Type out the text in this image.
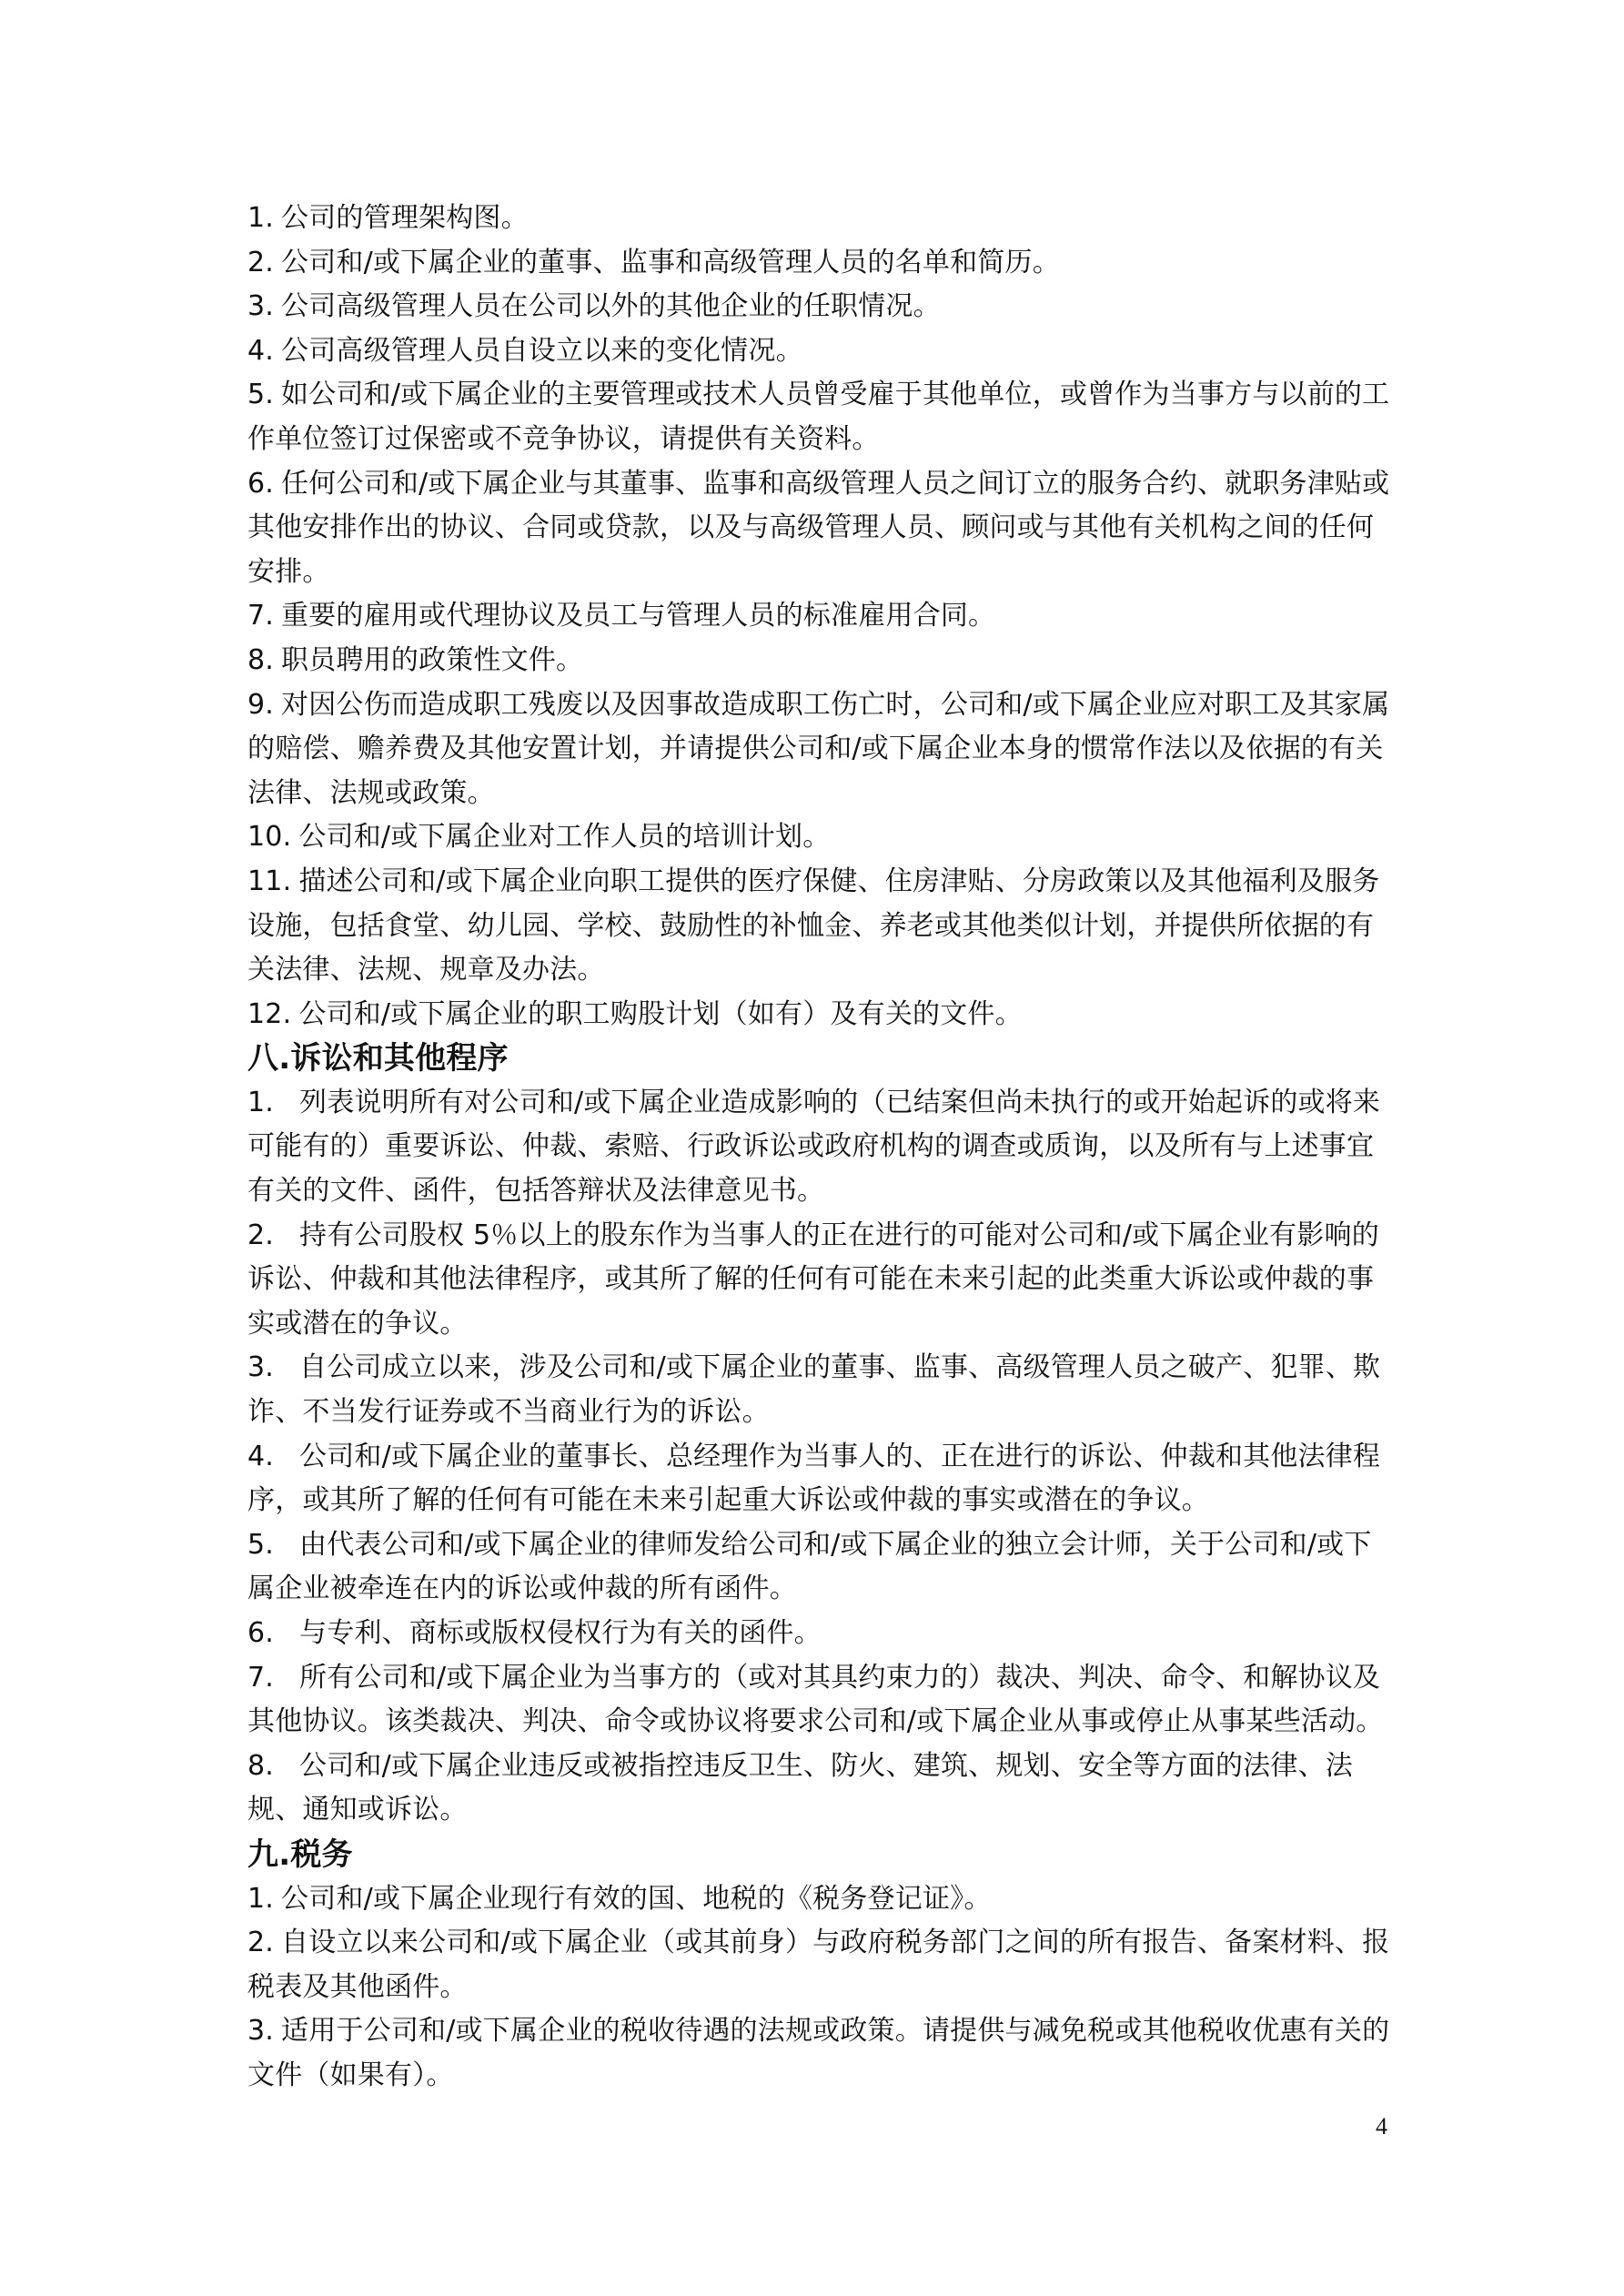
1. 公司的管理架构图。

2. 公司和/或下属企业的董事、监事和高级管理人员的名单和简历。

3. 公司高级管理人员在公司以外的其他企业的任职情况。

4. 公司高级管理人员自设立以来的变化情况。

5. 如公司和/或下属企业的主要管理或技术人员曾受雇于其他单位，或曾作为当事方与以前的工作单位签订过保密或不竞争协议，请提供有关资料。

6. 任何公司和/或下属企业与其董事、监事和高级管理人员之间订立的服务合约、就职务津贴或其他安排作出的协议、合同或贷款，以及与高级管理人员、顾问或与其他有关机构之间的任何安排。

7. 重要的雇用或代理协议及员工与管理人员的标准雇用合同。

8. 职员聘用的政策性文件。

9. 对因公伤而造成职工残废以及因事故造成职工伤亡时，公司和/或下属企业应对职工及其家属的赔偿、赡养费及其他安置计划，并请提供公司和/或下属企业本身的惯常作法以及依据的有关法律、法规或政策。

10. 公司和/或下属企业对工作人员的培训计划。

11. 描述公司和/或下属企业向职工提供的医疗保健、住房津贴、分房政策以及其他福利及服务设施，包括食堂、幼儿园、学校、鼓励性的补恤金、养老或其他类似计划，并提供所依据的有关法律、法规、规章及办法。

12. 公司和/或下属企业的职工购股计划（如有）及有关的文件。

八.诉讼和其他程序

1. 列表说明所有对公司和/或下属企业造成影响的（已结案但尚未执行的或开始起诉的或将来可能有的）重要诉讼、仲裁、索赔、行政诉讼或政府机构的调查或质询，以及所有与上述事宜有关的文件、函件，包括答辩状及法律意见书。

2. 持有公司股权 5％以上的股东作为当事人的正在进行的可能对公司和/或下属企业有影响的诉讼、仲裁和其他法律程序，或其所了解的任何有可能在未来引起的此类重大诉讼或仲裁的事实或潜在的争议。

3. 自公司成立以来，涉及公司和/或下属企业的董事、监事、高级管理人员之破产、犯罪、欺诈、不当发行证券或不当商业行为的诉讼。

4. 公司和/或下属企业的董事长、总经理作为当事人的、正在进行的诉讼、仲裁和其他法律程序，或其所了解的任何有可能在未来引起重大诉讼或仲裁的事实或潜在的争议。

5. 由代表公司和/或下属企业的律师发给公司和/或下属企业的独立会计师，关于公司和/或下属企业被牵连在内的诉讼或仲裁的所有函件。

6. 与专利、商标或版权侵权行为有关的函件。

7. 所有公司和/或下属企业为当事方的（或对其具约束力的）裁决、判决、命令、和解协议及其他协议。该类裁决、判决、命令或协议将要求公司和/或下属企业从事或停止从事某些活动。

8. 公司和/或下属企业违反或被指控违反卫生、防火、建筑、规划、安全等方面的法律、法规、通知或诉讼。

九.税务

1. 公司和/或下属企业现行有效的国、地税的《税务登记证》。

2. 自设立以来公司和/或下属企业（或其前身）与政府税务部门之间的所有报告、备案材料、报税表及其他函件。

3. 适用于公司和/或下属企业的税收待遇的法规或政策。请提供与减免税或其他税收优惠有关的文件（如果有）。

4
